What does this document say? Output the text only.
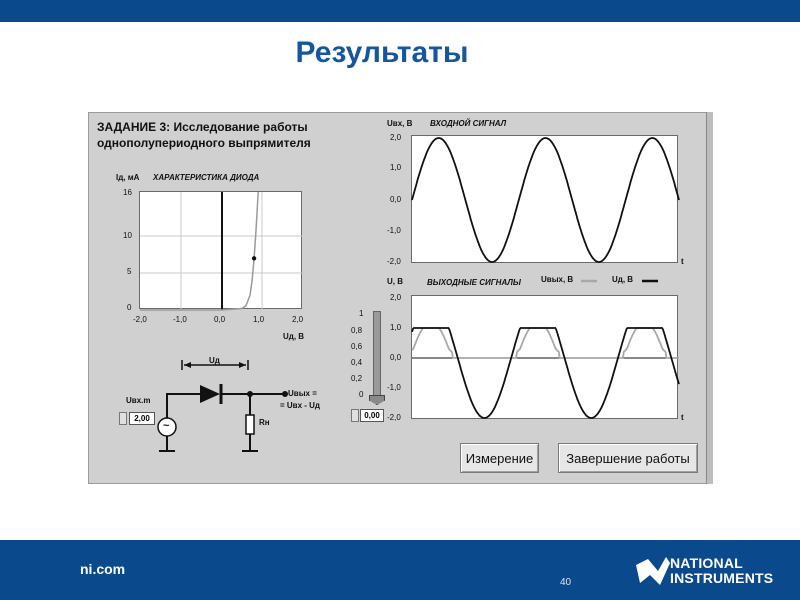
Результаты
ЗАДАНИЕ 3: Исследование работы
однополупериодного выпрямителя
Iд, мА ХАРАКТЕРИСТИКА ДИОДА
16
10
5
0
-2,0	-1,0	0,0	1,0	2,0
Uд, В
Uд
~
Uвх.m
2,00	Rн
Uвых =
= Uвх - Uд
Uвх, В ВХОДНОЙ СИГНАЛ
2,0
1,0
0,0
-1,0
-2,0	t
U, В	ВЫХОДНЫЕ СИГНАЛЫ	Uвых, В	Uд, В
2,0
1,0
0,0
-1,0
-2,0	t
1
0,8
0,6
0,4
0,2
0
0,00
Измерение	Завершение работы
ni.com
40
NATIONAL
INSTRUMENTS
